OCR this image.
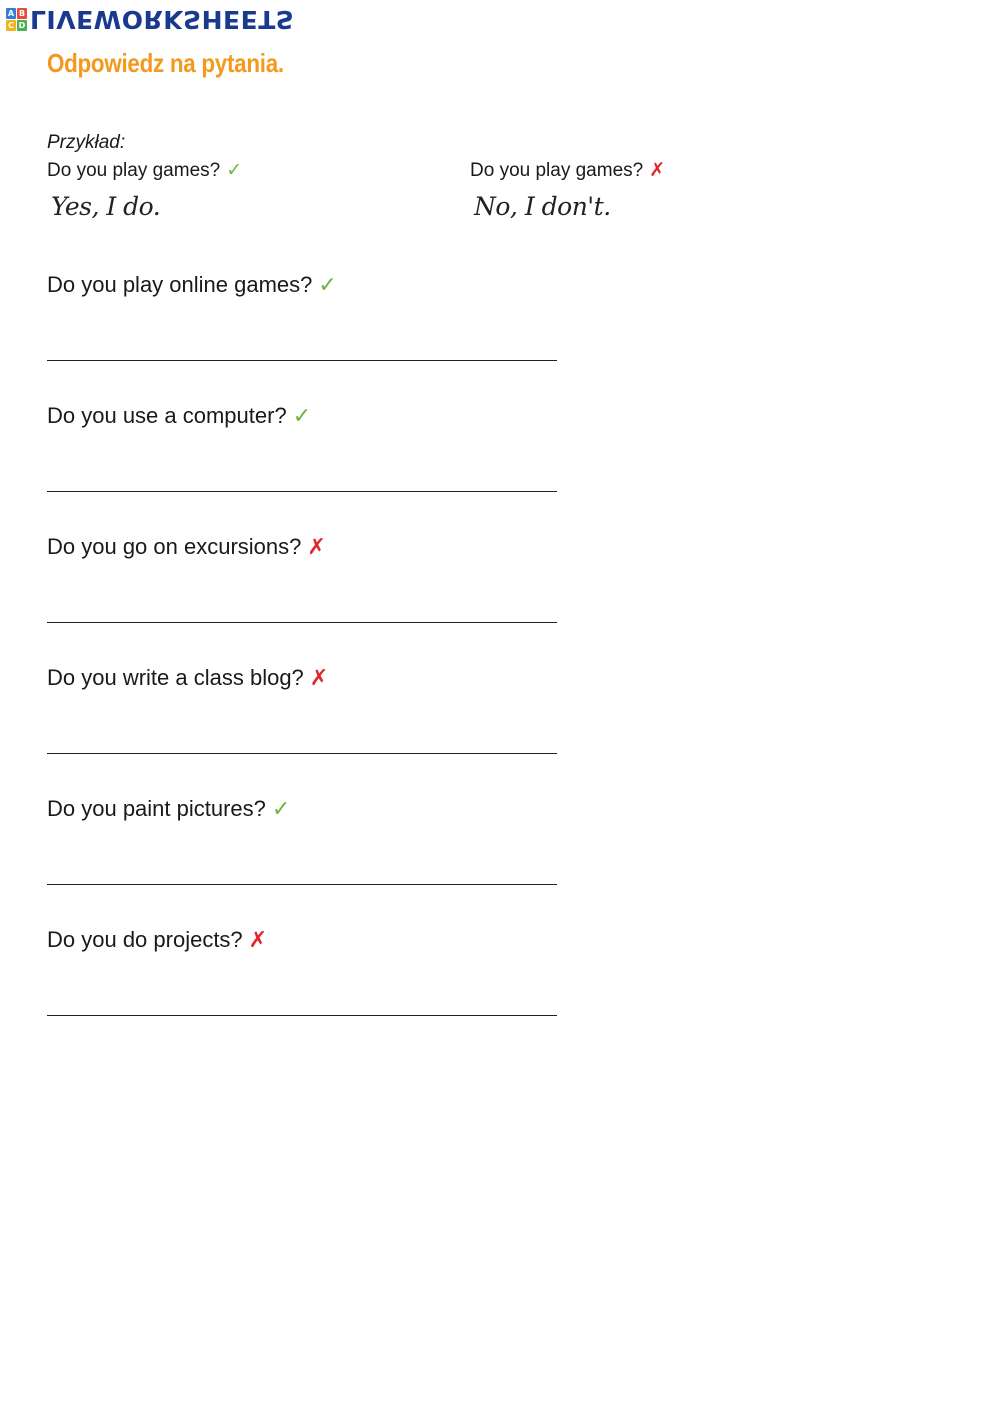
A B
C D LIVEWORKSHEETS
Odpowiedz na pytania.

Przykład:

Do you play games? ✓
Yes, I do.
Do you play games? ✗
No, I don't.
Do you play online games? ✓
Do you use a computer? ✓
Do you go on excursions? ✗
Do you write a class blog? ✗
Do you paint pictures? ✓
Do you do projects? ✗
